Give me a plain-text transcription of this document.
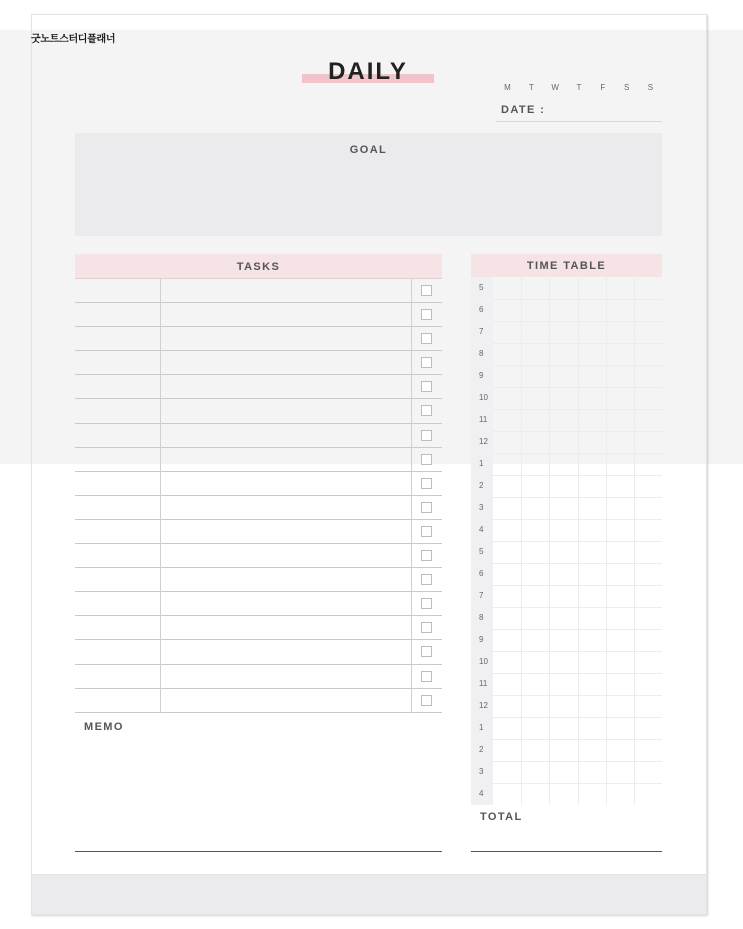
굿노트스터디플래너
DAILY
M	T	W	T	F	S	S
DATE :
GOAL
TASKS
MEMO
TIME TABLE
5
6
7
8
9
10
11
12
1
2
3
4
5
6
7
8
9
10
11
12
1
2
3
4
TOTAL
